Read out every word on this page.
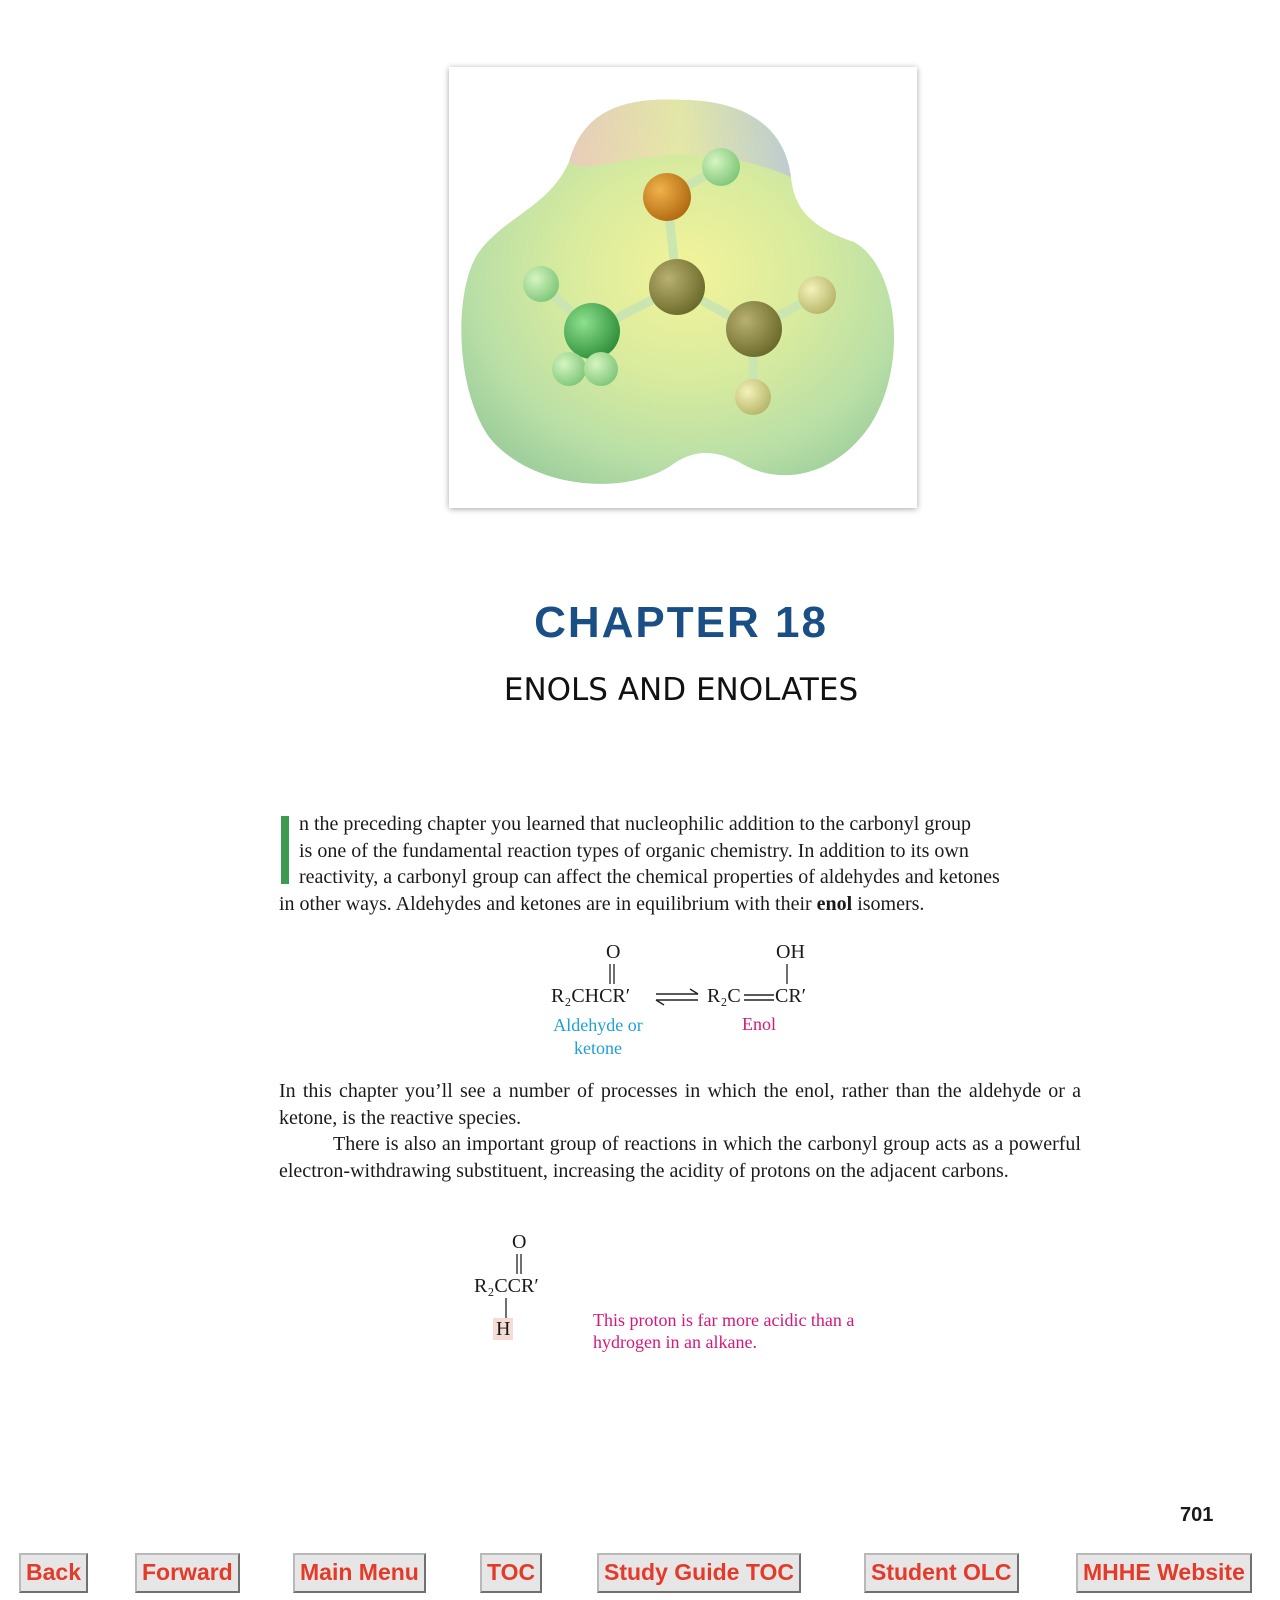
CHAPTER 18
ENOLS AND ENOLATES
n the preceding chapter you learned that nucleophilic addition to the carbonyl group
is one of the fundamental reaction types of organic chemistry. In addition to its own
reactivity, a carbonyl group can affect the chemical properties of aldehydes and ketones
in other ways. Aldehydes and ketones are in equilibrium with their enol isomers.
O
R₂CHCR′ ⇌
OH
R₂C CR′
Aldehyde or
ketone
Enol
In this chapter you’ll see a number of processes in which the enol, rather than the aldehyde or a ketone, is the reactive species.
There is also an important group of reactions in which the carbonyl group acts as a powerful electron-withdrawing substituent, increasing the acidity of protons on the adjacent carbons.
O
R₂CCR′
H	This proton is far more acidic than a
hydrogen in an alkane.
701
Back	Forward	Main Menu	TOC	Study Guide TOC	Student OLC	MHHE Website
